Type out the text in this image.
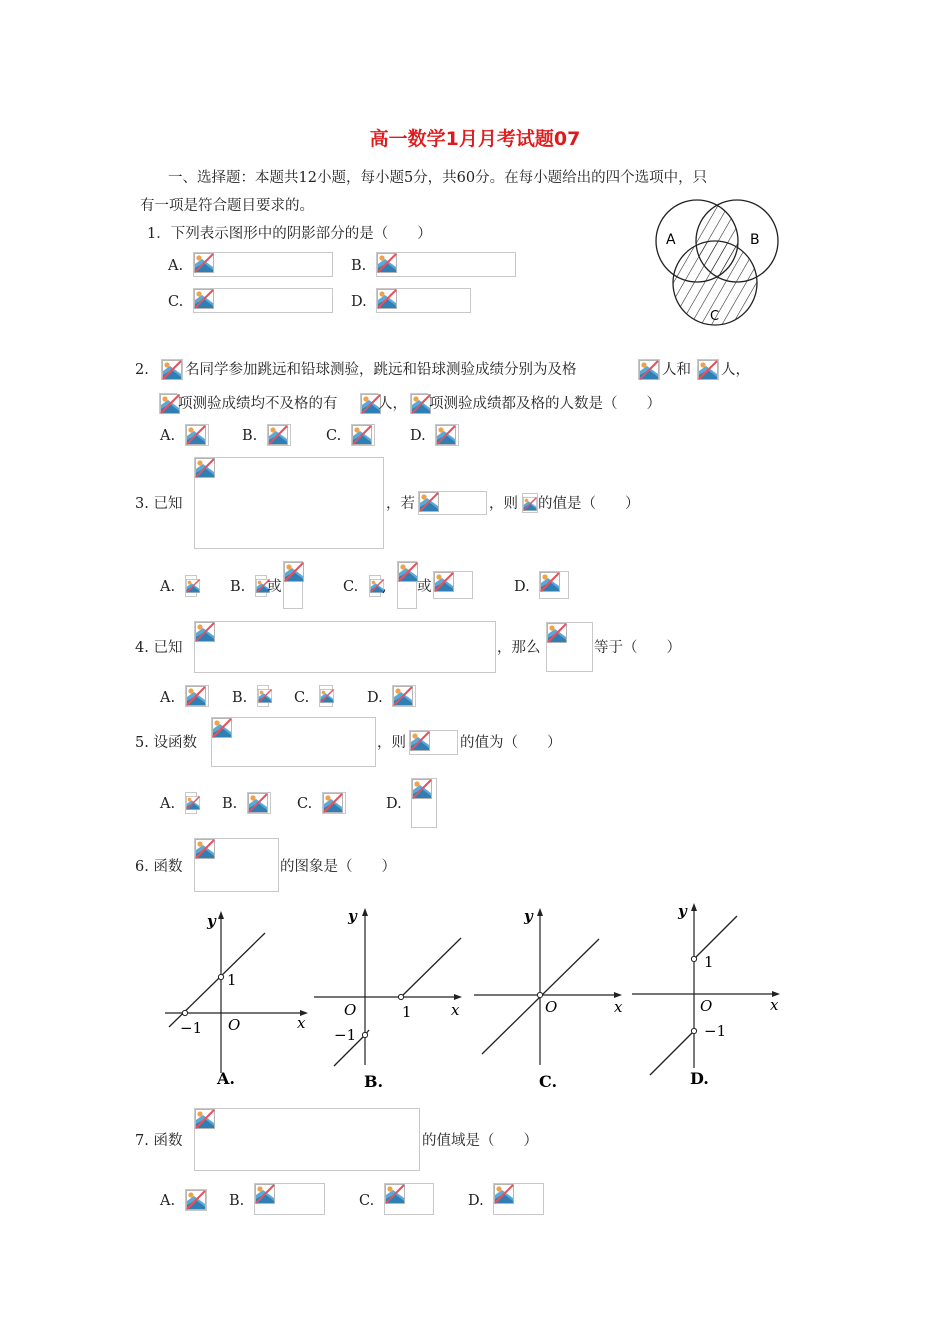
高一数学1月月考试题07
一、选择题：本题共12小题，每小题5分，共60分。在每小题给出的四个选项中，只
有一项是符合题目要求的。
A	B
C
1．下列表示图形中的阴影部分的是（　　）
A.	B.
C.	D.
2. 名同学参加跳远和铅球测验，跳远和铅球测验成绩分别为及格	人和 人，
项测验成绩均不及格的有	人， 项测验成绩都及格的人数是（　　）
A.	B.	C.	D.
3. 已知	，若	，则 的值是（　　）
A.	B. 或	C. , 或	D.
4. 已知	，那么	等于（　　）
A.	B.	C.	D.
5. 设函数	，则	的值为（　　）
A.	B.	C.	D.
6. 函数	的图象是（　　）
y
x
O
1
−1
A.
y
x
O	1
−1
B.
y
x
O
C.
y
x
O
1
−1
D.
7. 函数	的值域是（　　）
A.	B.	C.	D.
